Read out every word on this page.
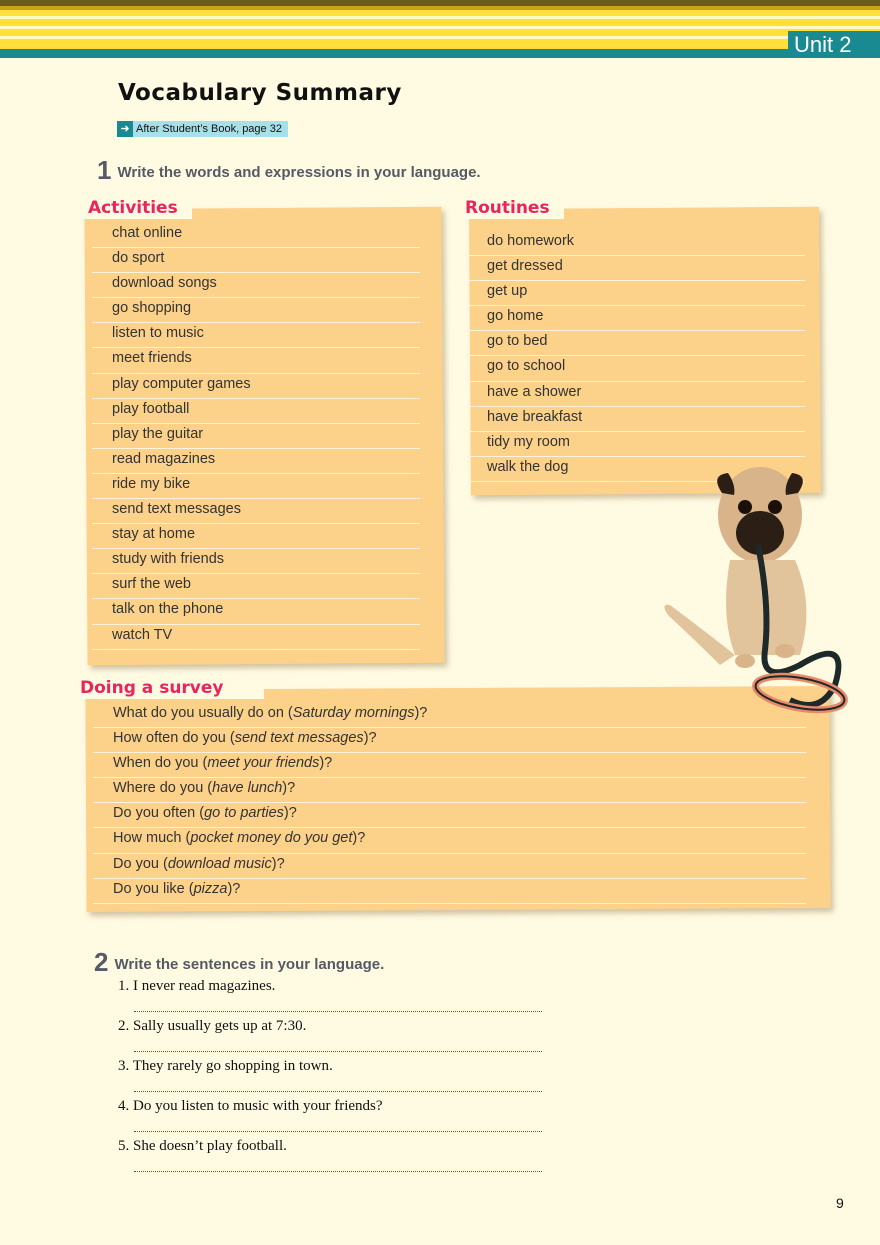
Unit 2
Vocabulary Summary
➜ After Student’s Book, page 32
1 Write the words and expressions in your language.
Activities
chat online
do sport
download songs
go shopping
listen to music
meet friends
play computer games
play football
play the guitar
read magazines
ride my bike
send text messages
stay at home
study with friends
surf the web
talk on the phone
watch TV
Routines
do homework
get dressed
get up
go home
go to bed
go to school
have a shower
have breakfast
tidy my room
walk the dog
Doing a survey
What do you usually do on (Saturday mornings)?
How often do you (send text messages)?
When do you (meet your friends)?
Where do you (have lunch)?
Do you often (go to parties)?
How much (pocket money do you get)?
Do you (download music)?
Do you like (pizza)?
2 Write the sentences in your language.
1. I never read magazines.
2. Sally usually gets up at 7:30.
3. They rarely go shopping in town.
4. Do you listen to music with your friends?
5. She doesn’t play football.
9
